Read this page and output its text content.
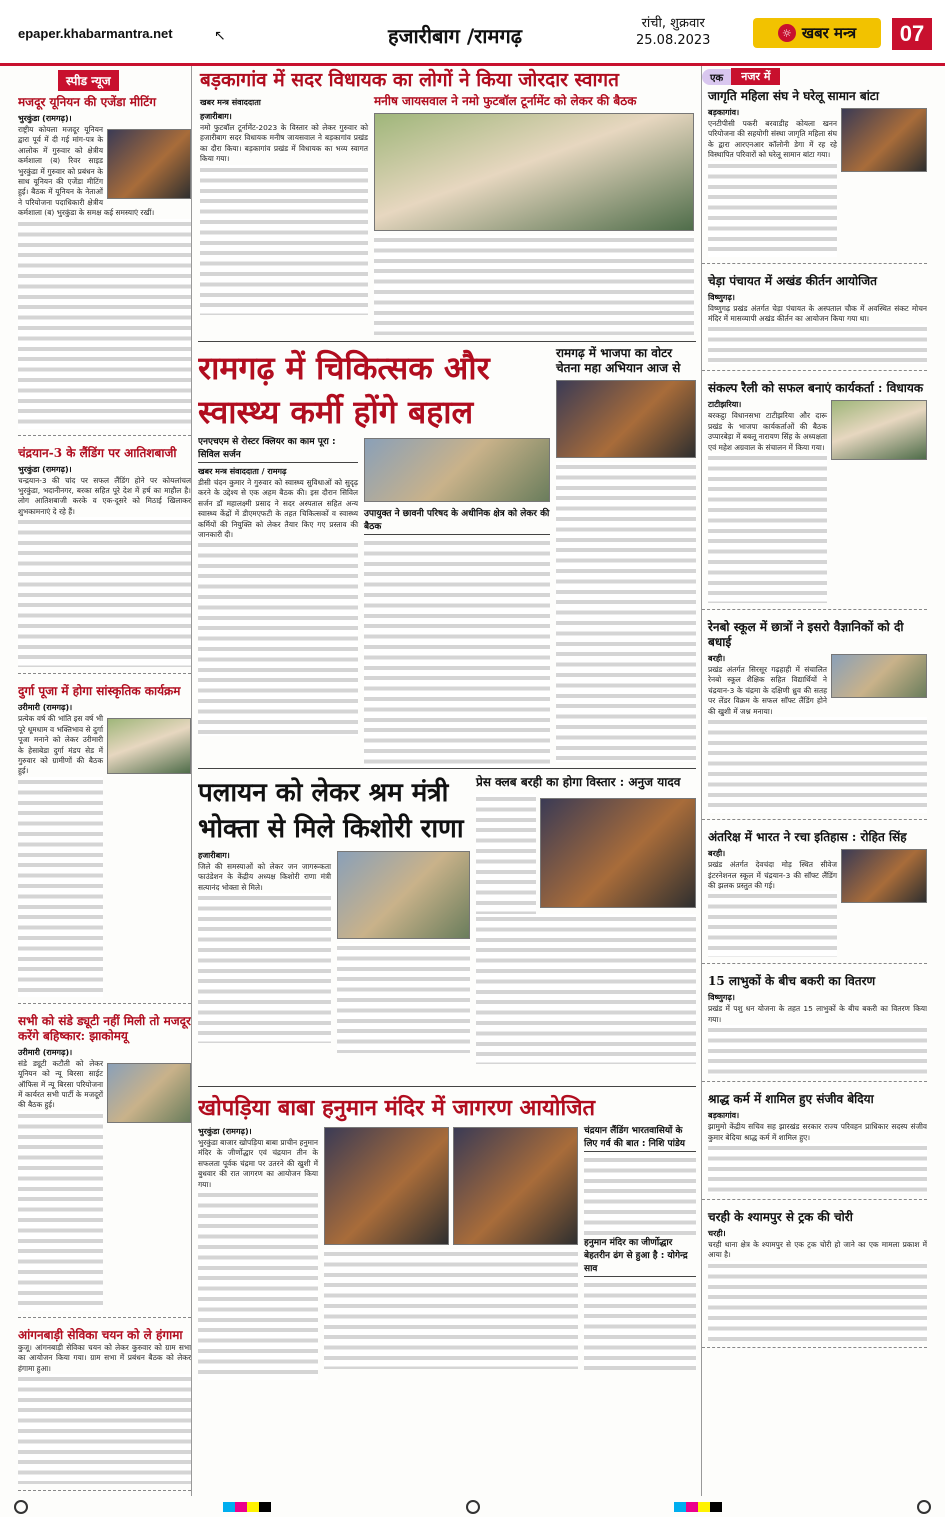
epaper.khabarmantra.net	↖	हजारीबाग /रामगढ़
रांची, शुक्रवार
25.08.2023	☼ खबर मन्त्र	07
स्पीड न्यूज
मजदूर यूनियन की एजेंडा मीटिंग
भुरकुंडा (रामगढ़)।
राष्ट्रीय कोयला मजदूर यूनियन द्वारा पूर्व में दी गई मांग-पत्र के आलोक में गुरुवार को क्षेत्रीय कर्मशाला (ब) रिवर साइड भुरकुंडा में गुरुवार को प्रबंधन के साथ यूनियन की एजेंडा मीटिंग हुई। बैठक में यूनियन के नेताओं ने परियोजना पदाधिकारी क्षेत्रीय कर्मशाला (ब) भुरकुंडा के समक्ष कई समस्याएं रखीं।
चंद्रयान-3 के लैंडिंग पर आतिशबाजी
भुरकुंडा (रामगढ़)।
चन्द्रयान-3 की चांद पर सफल लैंडिंग होने पर कोयलांचल भुरकुंडा, भदानीनगर, बरका सहित पूरे देश में हर्ष का माहौल है। लोग आतिशबाजी करके व एक-दूसरे को मिठाई खिलाकर शुभकामनाएं दे रहे हैं।
दुर्गा पूजा में होगा सांस्कृतिक कार्यक्रम
उरीमारी (रामगढ़)।
प्रत्येक वर्ष की भांति इस वर्ष भी पूरे धूमधाम व भक्तिभाव से दुर्गा पूजा मनाने को लेकर उरीमारी के हेसाबेडा दुर्गा मंडप सेड में गुरुवार को ग्रामीणों की बैठक हुई।
सभी को संडे ड्यूटी नहीं मिली तो मजदूर करेंगे बहिष्कार: झाकोमयू
उरीमारी (रामगढ़)।
संडे ड्यूटी कटौती को लेकर यूनियन को न्यू बिरसा साईट ऑफिस में न्यू बिरसा परियोजना में कार्यरत सभी पार्टी के मजदूरों की बैठक हुई।
आंगनबाड़ी सेविका चयन को ले हंगामा
कुजू। आंगनबाड़ी सेविका चयन को लेकर कुरुवार को ग्राम सभा का आयोजन किया गया। ग्राम सभा में प्रबंधन बैठक को लेकर हंगामा हुआ।
बड़कागांव में सदर विधायक का लोगों ने किया जोरदार स्वागत
खबर मन्त्र संवाददाता
हजारीबाग।
नमो फुटबॉल टूर्नामेंट-2023 के विस्तार को लेकर गुरुवार को हजारीबाग सदर विधायक मनीष जायसवाल ने बड़कागांव प्रखंड का दौरा किया। बड़कागांव प्रखंड में विधायक का भव्य स्वागत किया गया।
मनीष जायसवाल ने नमो फुटबॉल टूर्नामेंट को लेकर की बैठक
रामगढ़ में चिकित्सक और स्वास्थ्य कर्मी होंगे बहाल
एनएचएम से रोस्टर क्लियर का काम पूरा : सिविल सर्जन
खबर मन्त्र संवाददाता / रामगढ़
डीसी चंदन कुमार ने गुरुवार को स्वास्थ्य सुविधाओं को सुदृढ़ करने के उद्देश्य से एक अहम बैठक की। इस दौरान सिविल सर्जन डॉ महालक्ष्मी प्रसाद ने सदर अस्पताल सहित अन्य स्वास्थ्य केंद्रों में डीएमएफटी के तहत चिकित्सकों व स्वास्थ्य कर्मियों की नियुक्ति को लेकर तैयार किए गए प्रस्ताव की जानकारी दी।
उपायुक्त ने छावनी परिषद के अधीनिक क्षेत्र को लेकर की बैठक
रामगढ़ में भाजपा का वोटर चेतना महा अभियान आज से
पलायन को लेकर श्रम मंत्री भोक्ता से मिले किशोरी राणा
हजारीबाग।
जिले की समस्याओं को लेकर जन जागरूकता फाउंडेशन के केंद्रीय अध्यक्ष किशोरी राणा मंत्री सत्यानंद भोक्ता से मिले।
प्रेस क्लब बरही का होगा विस्तार : अनुज यादव
खोपड़िया बाबा हनुमान मंदिर में जागरण आयोजित
भुरकुंडा (रामगढ़)।
भुरकुंडा बाजार खोपड़िया बाबा प्राचीन हनुमान मंदिर के जीर्णोद्धार एवं चंद्रयान तीन के सफलता पूर्वक चंद्रमा पर उतरने की खुशी में बुधवार की रात जागरण का आयोजन किया गया।
चंद्रयान लैंडिंग भारतवासियों के लिए गर्व की बात : निशि पांडेय
हनुमान मंदिर का जीर्णोद्धार बेहतरीन ढंग से हुआ है : योगेन्द्र साव
एक	नजर में
जागृति महिला संघ ने घरेलू सामान बांटा
बड़कागांव।
एनटीपीसी पकरी बरवाडीह कोयला खनन परियोजना की सहयोगी संस्था जागृति महिला संघ के द्वारा आरएनआर कॉलोनी डेगा में रह रहे विस्थापित परिवारों को घरेलू सामान बांटा गया।
चेड़ा पंचायत में अखंड कीर्तन आयोजित
विष्णुगढ़।
विष्णुगढ़ प्रखंड अंतर्गत चेड़ा पंचायत के अस्पताल चौक में अवस्थित संकट मोचन मंदिर में मासव्यापी अखंड कीर्तन का आयोजन किया गया था।
संकल्प रैली को सफल बनाएं कार्यकर्ता : विधायक
टाटीझरिया।
बरकट्ठा विधानसभा टाटीझरिया और दारू प्रखंड के भाजपा कार्यकर्ताओं की बैठक उप्पारबेड़ा में बबलू नारायण सिंह के अध्यक्षता एवं महेश अग्रवाल के संचालन में किया गया।
रेनबो स्कूल में छात्रों ने इसरो वैज्ञानिकों को दी बधाई
बरही।
प्रखंड अंतर्गत सिरसूर गढ़हाही में संचालित रेनबो स्कूल शैक्षिक सहित विद्यार्थियों ने चंद्रयान-3 के चंद्रमा के दक्षिणी ध्रुव की सतह पर लेंडर विक्रम के सफल सॉफ्ट लैंडिंग होने की खुशी में जश्न मनाया।
अंतरिक्ष में भारत ने रचा इतिहास : रोहित सिंह
बरही।
प्रखंड अंतर्गत देवचंदा मोड़ स्थित सीवेज इंटरनेशनल स्कूल में चंद्रयान-3 की सॉफ्ट लैंडिंग की झलक प्रस्तुत की गई।
15 लाभुकों के बीच बकरी का वितरण
विष्णुगढ़।
प्रखंड में पशु धन योजना के तहत 15 लाभुकों के बीच बकरी का वितरण किया गया।
श्राद्ध कर्म में शामिल हुए संजीव बेदिया
बड़कागांव।
झामुमो केंद्रीय सचिव सह झारखंड सरकार राज्य परिवहन प्राधिकार सदस्य संजीव कुमार बेदिया श्राद्ध कर्म में शामिल हुए।
चरही के श्यामपुर से ट्रक की चोरी
चरही।
चरही थाना क्षेत्र के श्यामपुर से एक ट्रक चोरी हो जाने का एक मामला प्रकाश में आया है।
